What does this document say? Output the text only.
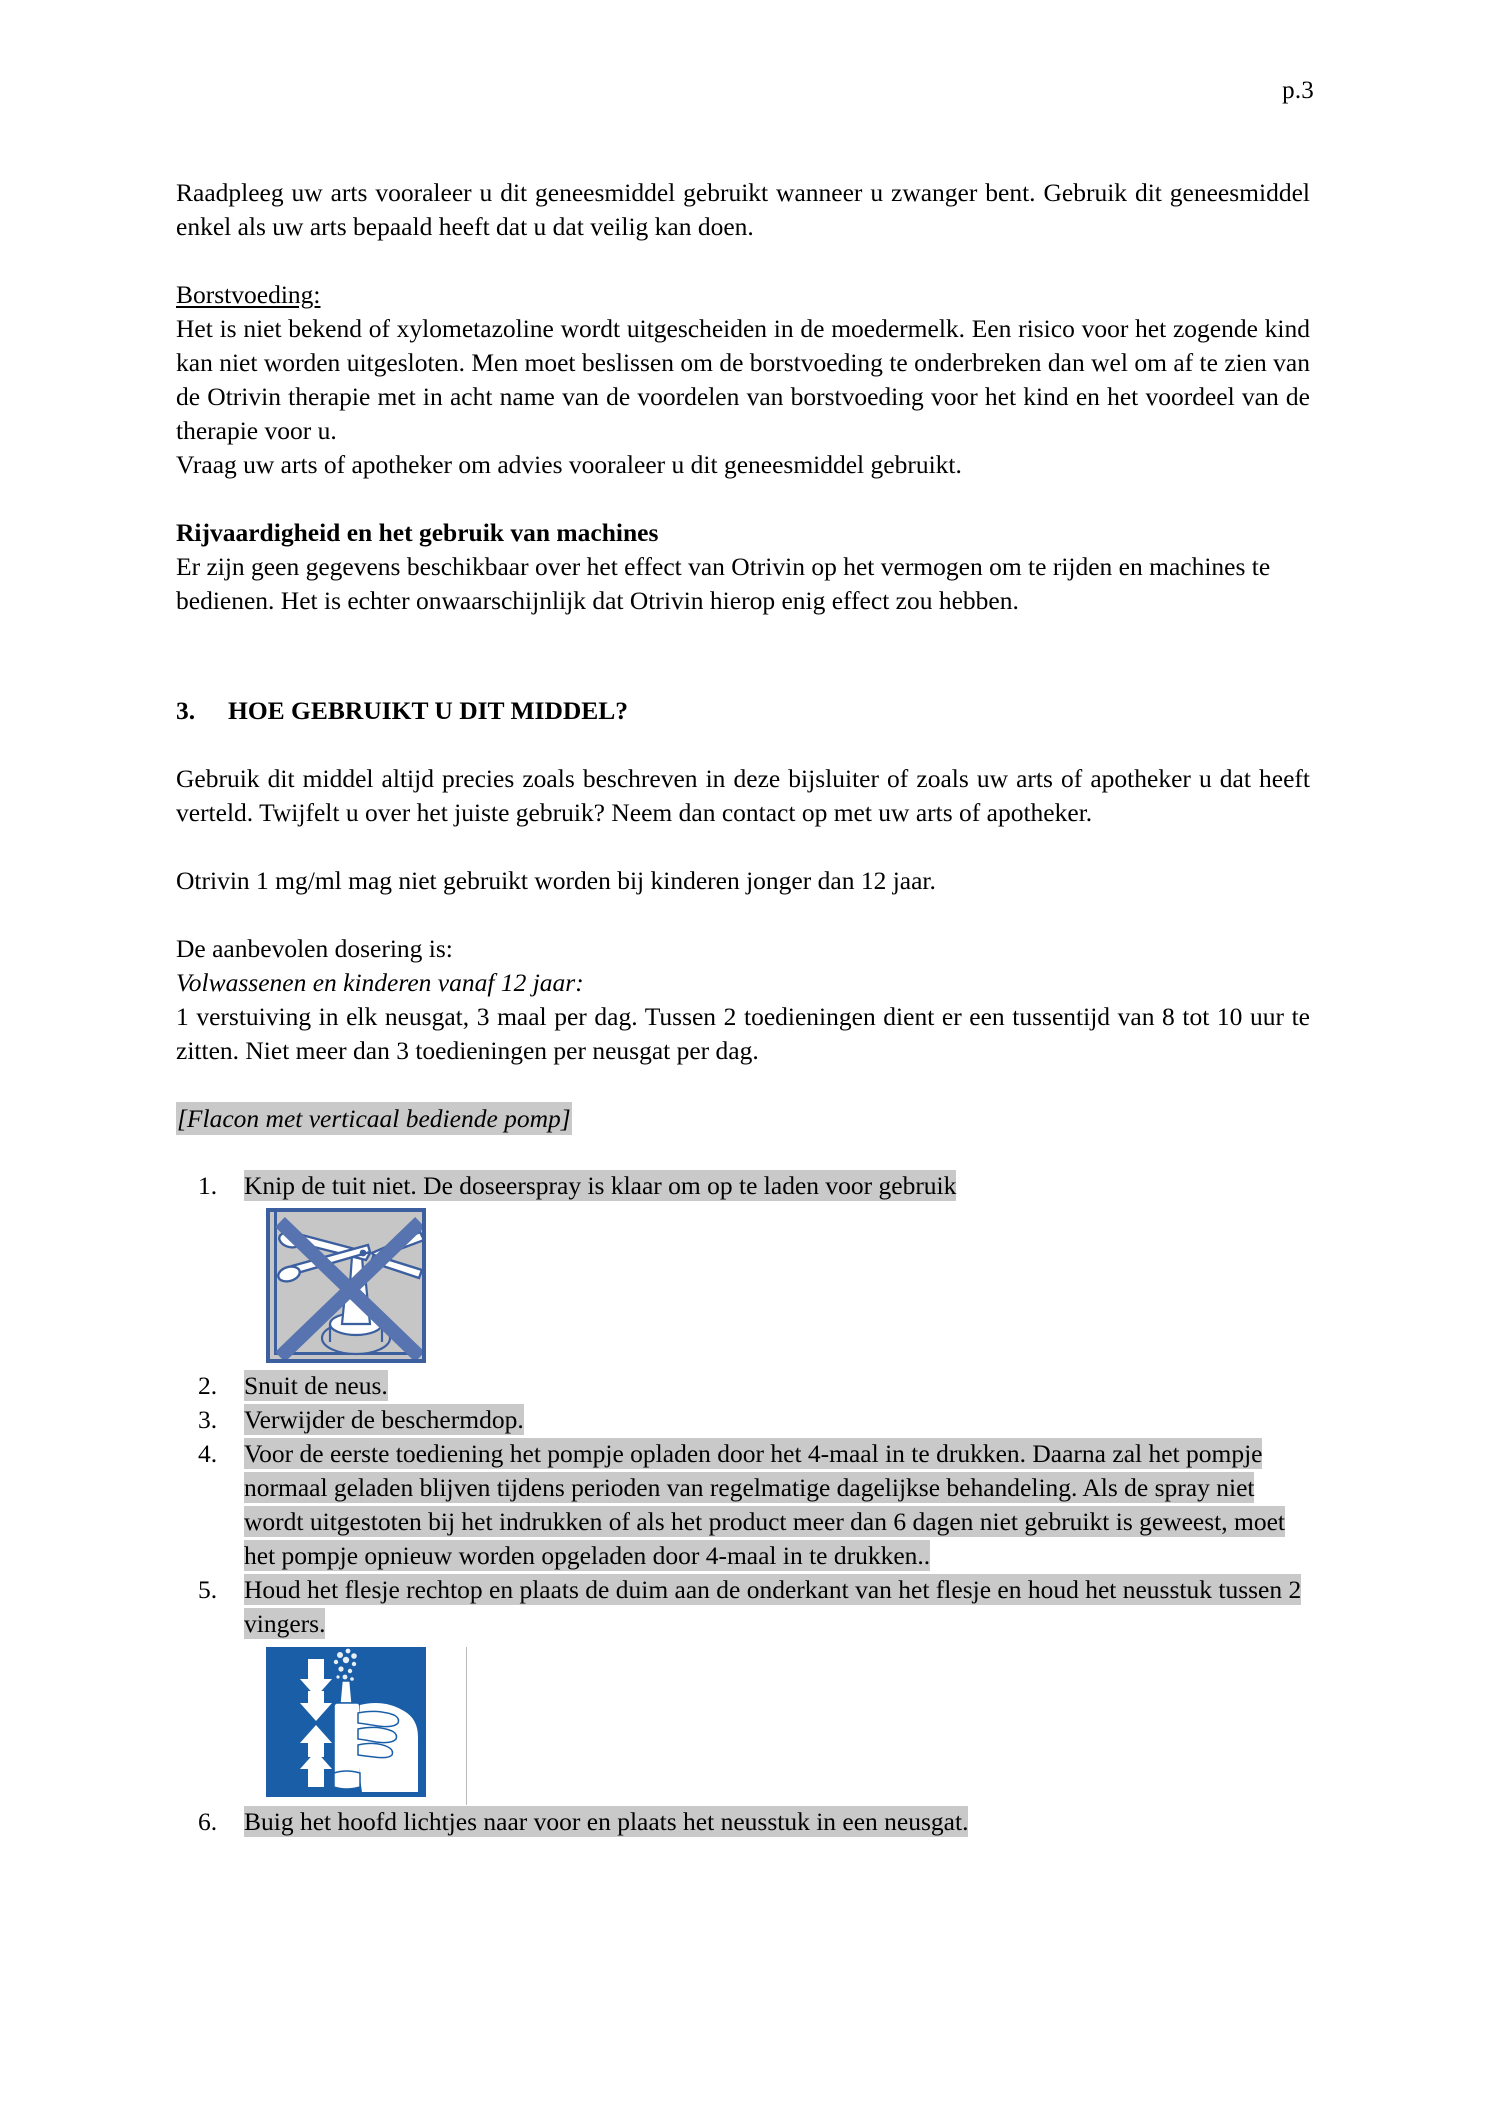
p.3

Raadpleeg uw arts vooraleer u dit geneesmiddel gebruikt wanneer u zwanger bent. Gebruik dit geneesmiddel enkel als uw arts bepaald heeft dat u dat veilig kan doen.

Borstvoeding:

Het is niet bekend of xylometazoline wordt uitgescheiden in de moedermelk. Een risico voor het zogende kind kan niet worden uitgesloten. Men moet beslissen om de borstvoeding te onderbreken dan wel om af te zien van de Otrivin therapie met in acht name van de voordelen van borstvoeding voor het kind en het voordeel van de therapie voor u.

Vraag uw arts of apotheker om advies vooraleer u dit geneesmiddel gebruikt.

Rijvaardigheid en het gebruik van machines

Er zijn geen gegevens beschikbaar over het effect van Otrivin op het vermogen om te rijden en machines te bedienen. Het is echter onwaarschijnlijk dat Otrivin hierop enig effect zou hebben.

3.	HOE GEBRUIKT U DIT MIDDEL?

Gebruik dit middel altijd precies zoals beschreven in deze bijsluiter of zoals uw arts of apotheker u dat heeft verteld. Twijfelt u over het juiste gebruik? Neem dan contact op met uw arts of apotheker.

Otrivin 1 mg/ml mag niet gebruikt worden bij kinderen jonger dan 12 jaar.

De aanbevolen dosering is:

Volwassenen en kinderen vanaf 12 jaar:

1 verstuiving in elk neusgat, 3 maal per dag. Tussen 2 toedieningen dient er een tussentijd van 8 tot 10 uur te zitten. Niet meer dan 3 toedieningen per neusgat per dag.

[Flacon met verticaal bediende pomp]
1.	Knip de tuit niet. De doseerspray is klaar om op te laden voor gebruik
2.	Snuit de neus.
3.	Verwijder de beschermdop.
4.	Voor de eerste toediening het pompje opladen door het 4-maal in te drukken. Daarna zal het pompje normaal geladen blijven tijdens perioden van regelmatige dagelijkse behandeling. Als de spray niet wordt uitgestoten bij het indrukken of als het product meer dan 6 dagen niet gebruikt is geweest, moet het pompje opnieuw worden opgeladen door 4-maal in te drukken..
5.	Houd het flesje rechtop en plaats de duim aan de onderkant van het flesje en houd het neusstuk tussen 2 vingers.
6.	Buig het hoofd lichtjes naar voor en plaats het neusstuk in een neusgat.
